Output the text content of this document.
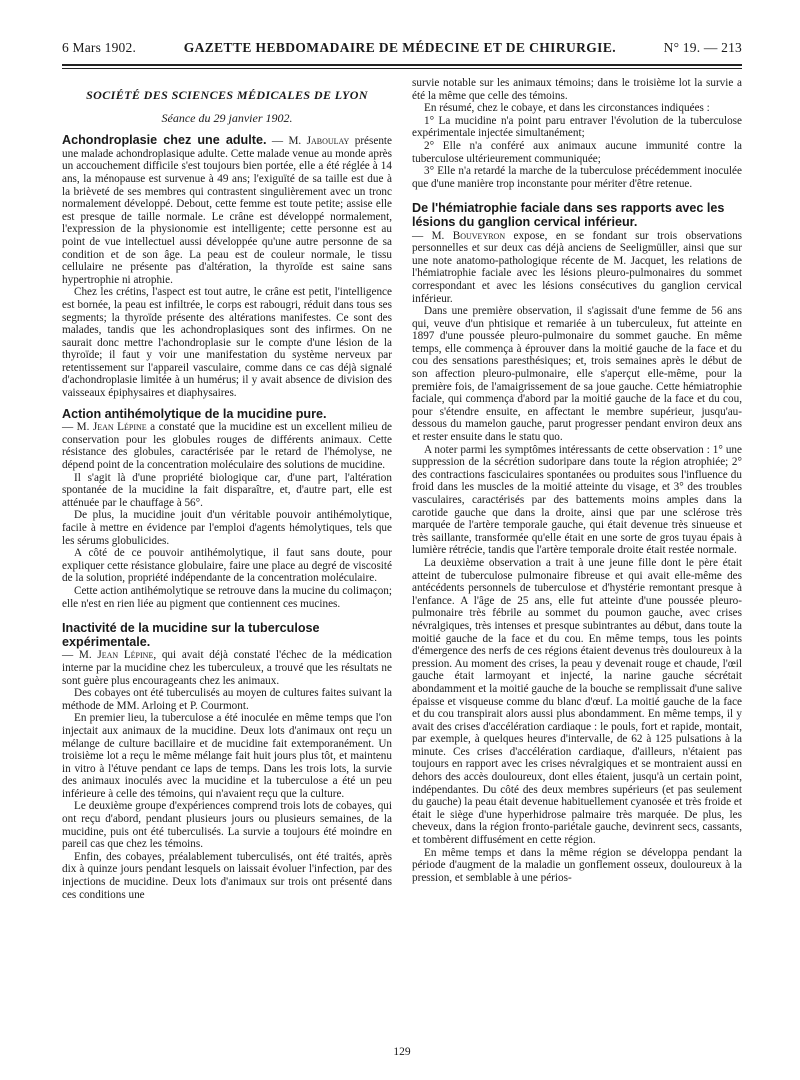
6 Mars 1902.	GAZETTE HEBDOMADAIRE DE MÉDECINE ET DE CHIRURGIE.	N° 19. — 213
SOCIÉTÉ DES SCIENCES MÉDICALES DE LYON
Séance du 29 janvier 1902.

Achondroplasie chez une adulte. — M. Jaboulay présente une malade achondroplasique adulte. Cette malade venue au monde après un accouchement difficile s'est toujours bien portée, elle a été réglée à 14 ans, la ménopause est survenue à 49 ans; l'exiguïté de sa taille est due à la brièveté de ses membres qui contrastent singulièrement avec un tronc normalement développé. Debout, cette femme est toute petite; assise elle est presque de taille normale. Le crâne est développé normalement, l'expression de la physionomie est intelligente; cette personne est au point de vue intellectuel aussi développée qu'une autre personne de sa condition et de son âge. La peau est de couleur normale, le tissu cellulaire ne présente pas d'altération, la thyroïde est saine sans hypertrophie ni atrophie.

Chez les crétins, l'aspect est tout autre, le crâne est petit, l'intelligence est bornée, la peau est infiltrée, le corps est rabougri, réduit dans tous ses segments; la thyroïde présente des altérations manifestes. Ce sont des malades, tandis que les achondroplasiques sont des infirmes. On ne saurait donc mettre l'achondroplasie sur le compte d'une lésion de la thyroïde; il faut y voir une manifestation du système nerveux par retentissement sur l'appareil vasculaire, comme dans ce cas déjà signalé d'achondroplasie limitée à un humérus; il y avait absence de division des vaisseaux épiphysaires et diaphysaires.

Action antihémolytique de la mucidine pure.

— M. Jean Lépine a constaté que la mucidine est un excellent milieu de conservation pour les globules rouges de différents animaux. Cette résistance des globules, caractérisée par le retard de l'hémolyse, ne dépend point de la concentration moléculaire des solutions de mucidine.

Il s'agit là d'une propriété biologique car, d'une part, l'altération spontanée de la mucidine la fait disparaître, et, d'autre part, elle est atténuée par le chauffage à 56°.

De plus, la mucidine jouit d'un véritable pouvoir antihémolytique, facile à mettre en évidence par l'emploi d'agents hémolytiques, tels que les sérums globulicides.

A côté de ce pouvoir antihémolytique, il faut sans doute, pour expliquer cette résistance globulaire, faire une place au degré de viscosité de la solution, propriété indépendante de la concentration moléculaire.

Cette action antihémolytique se retrouve dans la mucine du colimaçon; elle n'est en rien liée au pigment que contiennent ces mucines.

Inactivité de la mucidine sur la tuberculose expérimentale.

— M. Jean Lépine, qui avait déjà constaté l'échec de la médication interne par la mucidine chez les tuberculeux, a trouvé que les résultats ne sont guère plus encourageants chez les animaux.

Des cobayes ont été tuberculisés au moyen de cultures faites suivant la méthode de MM. Arloing et P. Courmont.

En premier lieu, la tuberculose a été inoculée en même temps que l'on injectait aux animaux de la mucidine. Deux lots d'animaux ont reçu un mélange de culture bacillaire et de mucidine fait extemporanément. Un troisième lot a reçu le même mélange fait huit jours plus tôt, et maintenu in vitro à l'étuve pendant ce laps de temps. Dans les trois lots, la survie des animaux inoculés avec la mucidine et la tuberculose a été un peu inférieure à celle des témoins, qui n'avaient reçu que la culture.

Le deuxième groupe d'expériences comprend trois lots de cobayes, qui ont reçu d'abord, pendant plusieurs jours ou plusieurs semaines, de la mucidine, puis ont été tuberculisés. La survie a toujours été moindre en pareil cas que chez les témoins.

Enfin, des cobayes, préalablement tuberculisés, ont été traités, après dix à quinze jours pendant lesquels on laissait évoluer l'infection, par des injections de mucidine. Deux lots d'animaux sur trois ont présenté dans ces conditions une

survie notable sur les animaux témoins; dans le troisième lot la survie a été la même que celle des témoins.

En résumé, chez le cobaye, et dans les circonstances indiquées :

1° La mucidine n'a point paru entraver l'évolution de la tuberculose expérimentale injectée simultanément;

2° Elle n'a conféré aux animaux aucune immunité contre la tuberculose ultérieurement communiquée;

3° Elle n'a retardé la marche de la tuberculose précédemment inoculée que d'une manière trop inconstante pour mériter d'être retenue.

De l'hémiatrophie faciale dans ses rapports avec les lésions du ganglion cervical inférieur.

— M. Bouveyron expose, en se fondant sur trois observations personnelles et sur deux cas déjà anciens de Seeligmüller, ainsi que sur une note anatomo-pathologique récente de M. Jacquet, les relations de l'hémiatrophie faciale avec les lésions pleuro-pulmonaires du sommet correspondant et avec les lésions consécutives du ganglion cervical inférieur.

Dans une première observation, il s'agissait d'une femme de 56 ans qui, veuve d'un phtisique et remariée à un tuberculeux, fut atteinte en 1897 d'une poussée pleuro-pulmonaire du sommet gauche. En même temps, elle commença à éprouver dans la moitié gauche de la face et du cou des sensations paresthésiques; et, trois semaines après le début de son affection pleuro-pulmonaire, elle s'aperçut elle-même, pour la première fois, de l'amaigrissement de sa joue gauche. Cette hémiatrophie faciale, qui commença d'abord par la moitié gauche de la face et du cou, pour s'étendre ensuite, en affectant le membre supérieur, jusqu'au-dessous du mamelon gauche, parut progresser pendant environ deux ans et rester ensuite dans le statu quo.

A noter parmi les symptômes intéressants de cette observation : 1° une suppression de la sécrétion sudoripare dans toute la région atrophiée; 2° des contractions fasciculaires spontanées ou produites sous l'influence du froid dans les muscles de la moitié atteinte du visage, et 3° des troubles vasculaires, caractérisés par des battements moins amples dans la carotide gauche que dans la droite, ainsi que par une sclérose très marquée de l'artère temporale gauche, qui était devenue très sinueuse et très saillante, transformée qu'elle était en une sorte de gros tuyau épais à lumière rétrécie, tandis que l'artère temporale droite était restée normale.

La deuxième observation a trait à une jeune fille dont le père était atteint de tuberculose pulmonaire fibreuse et qui avait elle-même des antécédents personnels de tuberculose et d'hystérie remontant presque à l'enfance. A l'âge de 25 ans, elle fut atteinte d'une poussée pleuro-pulmonaire très fébrile au sommet du poumon gauche, avec crises névralgiques, très intenses et presque subintrantes au début, dans toute la moitié gauche de la face et du cou. En même temps, tous les points d'émergence des nerfs de ces régions étaient devenus très douloureux à la pression. Au moment des crises, la peau y devenait rouge et chaude, l'œil gauche était larmoyant et injecté, la narine gauche sécrétait abondamment et la moitié gauche de la bouche se remplissait d'une salive épaisse et visqueuse comme du blanc d'œuf. La moitié gauche de la face et du cou transpirait alors aussi plus abondamment. En même temps, il y avait des crises d'accélération cardiaque : le pouls, fort et rapide, montait, par exemple, à quelques heures d'intervalle, de 62 à 125 pulsations à la minute. Ces crises d'accélération cardiaque, d'ailleurs, n'étaient pas toujours en rapport avec les crises névralgiques et se montraient aussi en dehors des accès douloureux, dont elles étaient, jusqu'à un certain point, indépendantes. Du côté des deux membres supérieurs (et pas seulement du gauche) la peau était devenue habituellement cyanosée et très froide et était le siège d'une hyperhidrose palmaire très marquée. De plus, les cheveux, dans la région fronto-pariétale gauche, devinrent secs, cassants, et tombèrent diffusément en cette région.

En même temps et dans la même région se développa pendant la période d'augment de la maladie un gonflement osseux, douloureux à la pression, et semblable à une périos-

129
